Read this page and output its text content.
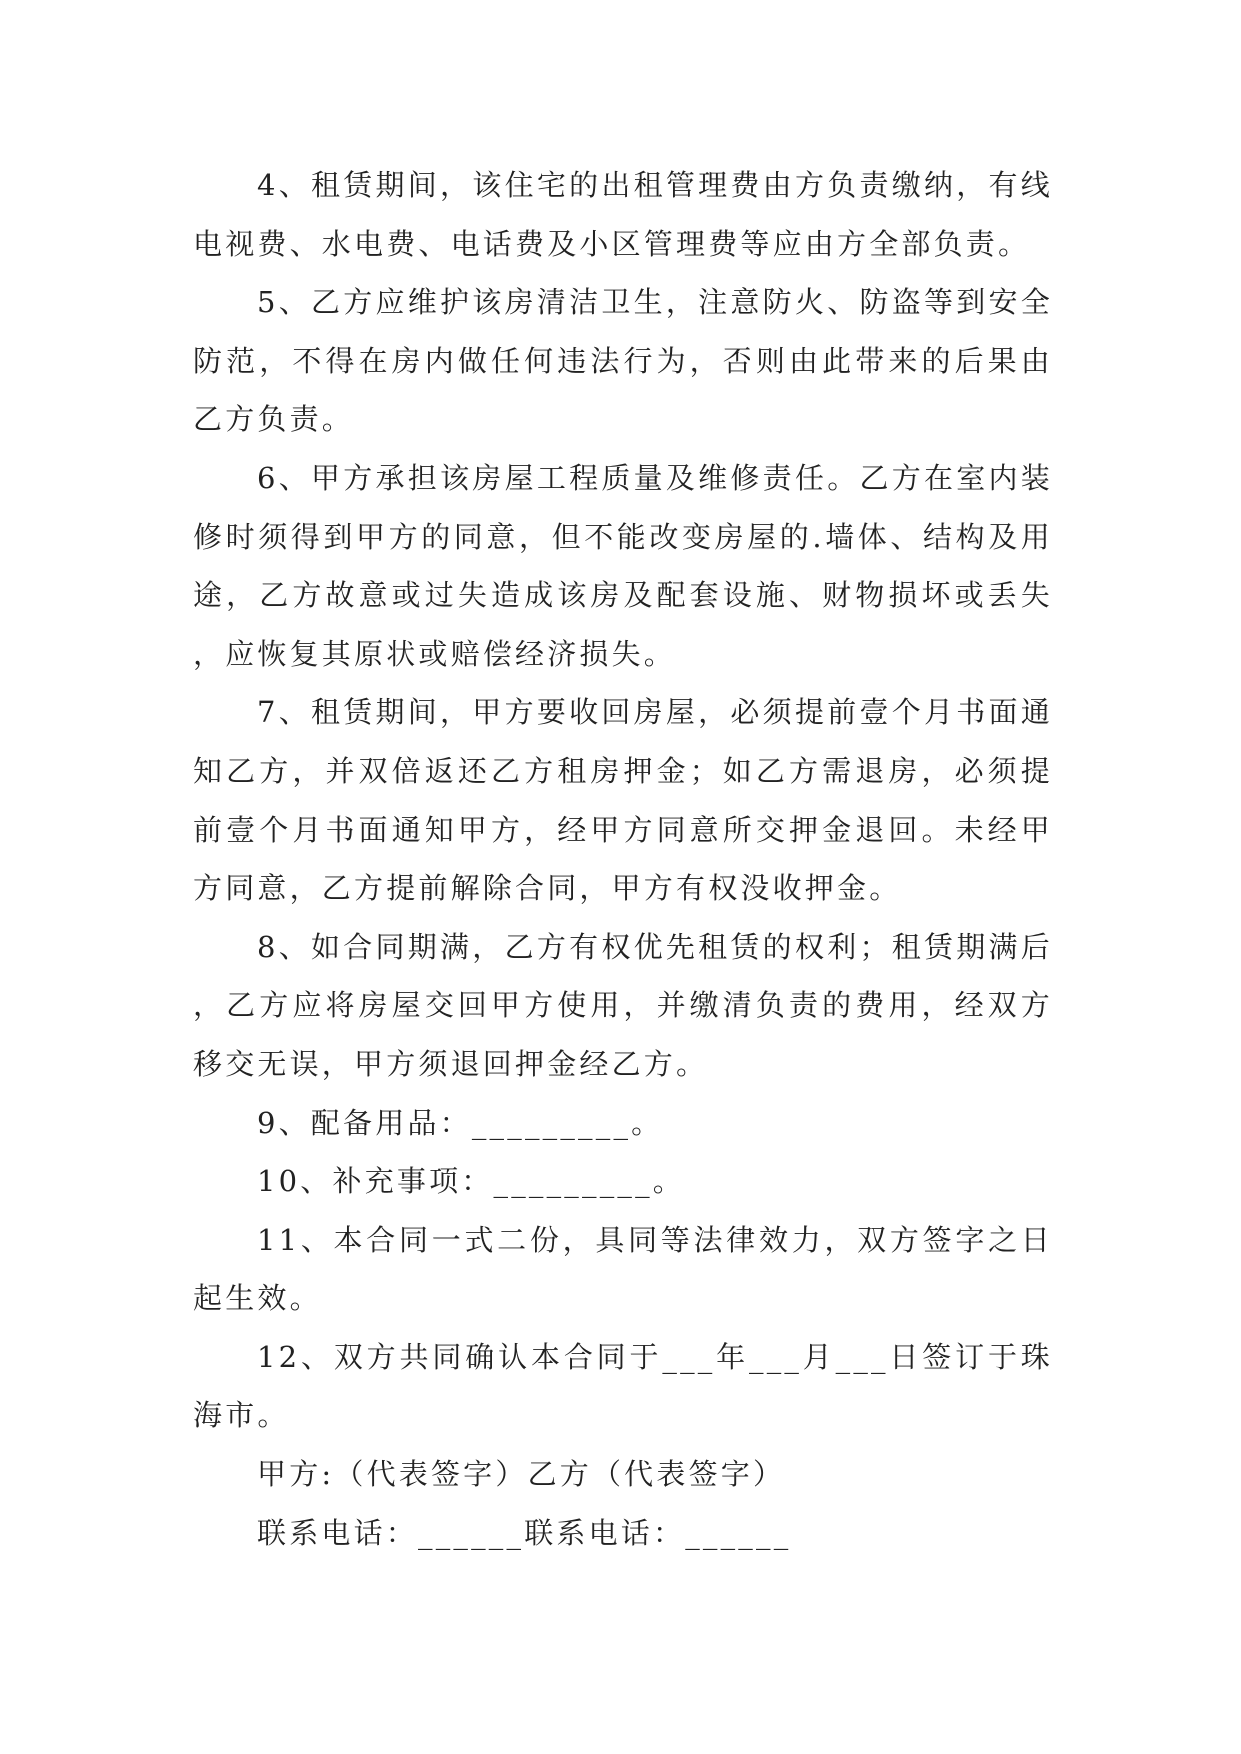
4、租赁期间，该住宅的出租管理费由方负责缴纳，有线电视费、水电费、电话费及小区管理费等应由方全部负责。

5、乙方应维护该房清洁卫生，注意防火、防盗等到安全防范，不得在房内做任何违法行为，否则由此带来的后果由乙方负责。

6、甲方承担该房屋工程质量及维修责任。乙方在室内装修时须得到甲方的同意，但不能改变房屋的.墙体、结构及用途，乙方故意或过失造成该房及配套设施、财物损坏或丢失，应恢复其原状或赔偿经济损失。

7、租赁期间，甲方要收回房屋，必须提前壹个月书面通知乙方，并双倍返还乙方租房押金；如乙方需退房，必须提前壹个月书面通知甲方，经甲方同意所交押金退回。未经甲方同意，乙方提前解除合同，甲方有权没收押金。

8、如合同期满，乙方有权优先租赁的权利；租赁期满后，乙方应将房屋交回甲方使用，并缴清负责的费用，经双方移交无误，甲方须退回押金经乙方。

9、配备用品：_________。

10、补充事项：_________。

11、本合同一式二份，具同等法律效力，双方签字之日起生效。

12、双方共同确认本合同于___年___月___日签订于珠海市。

甲方:（代表签字）乙方（代表签字）

联系电话：______联系电话：______
